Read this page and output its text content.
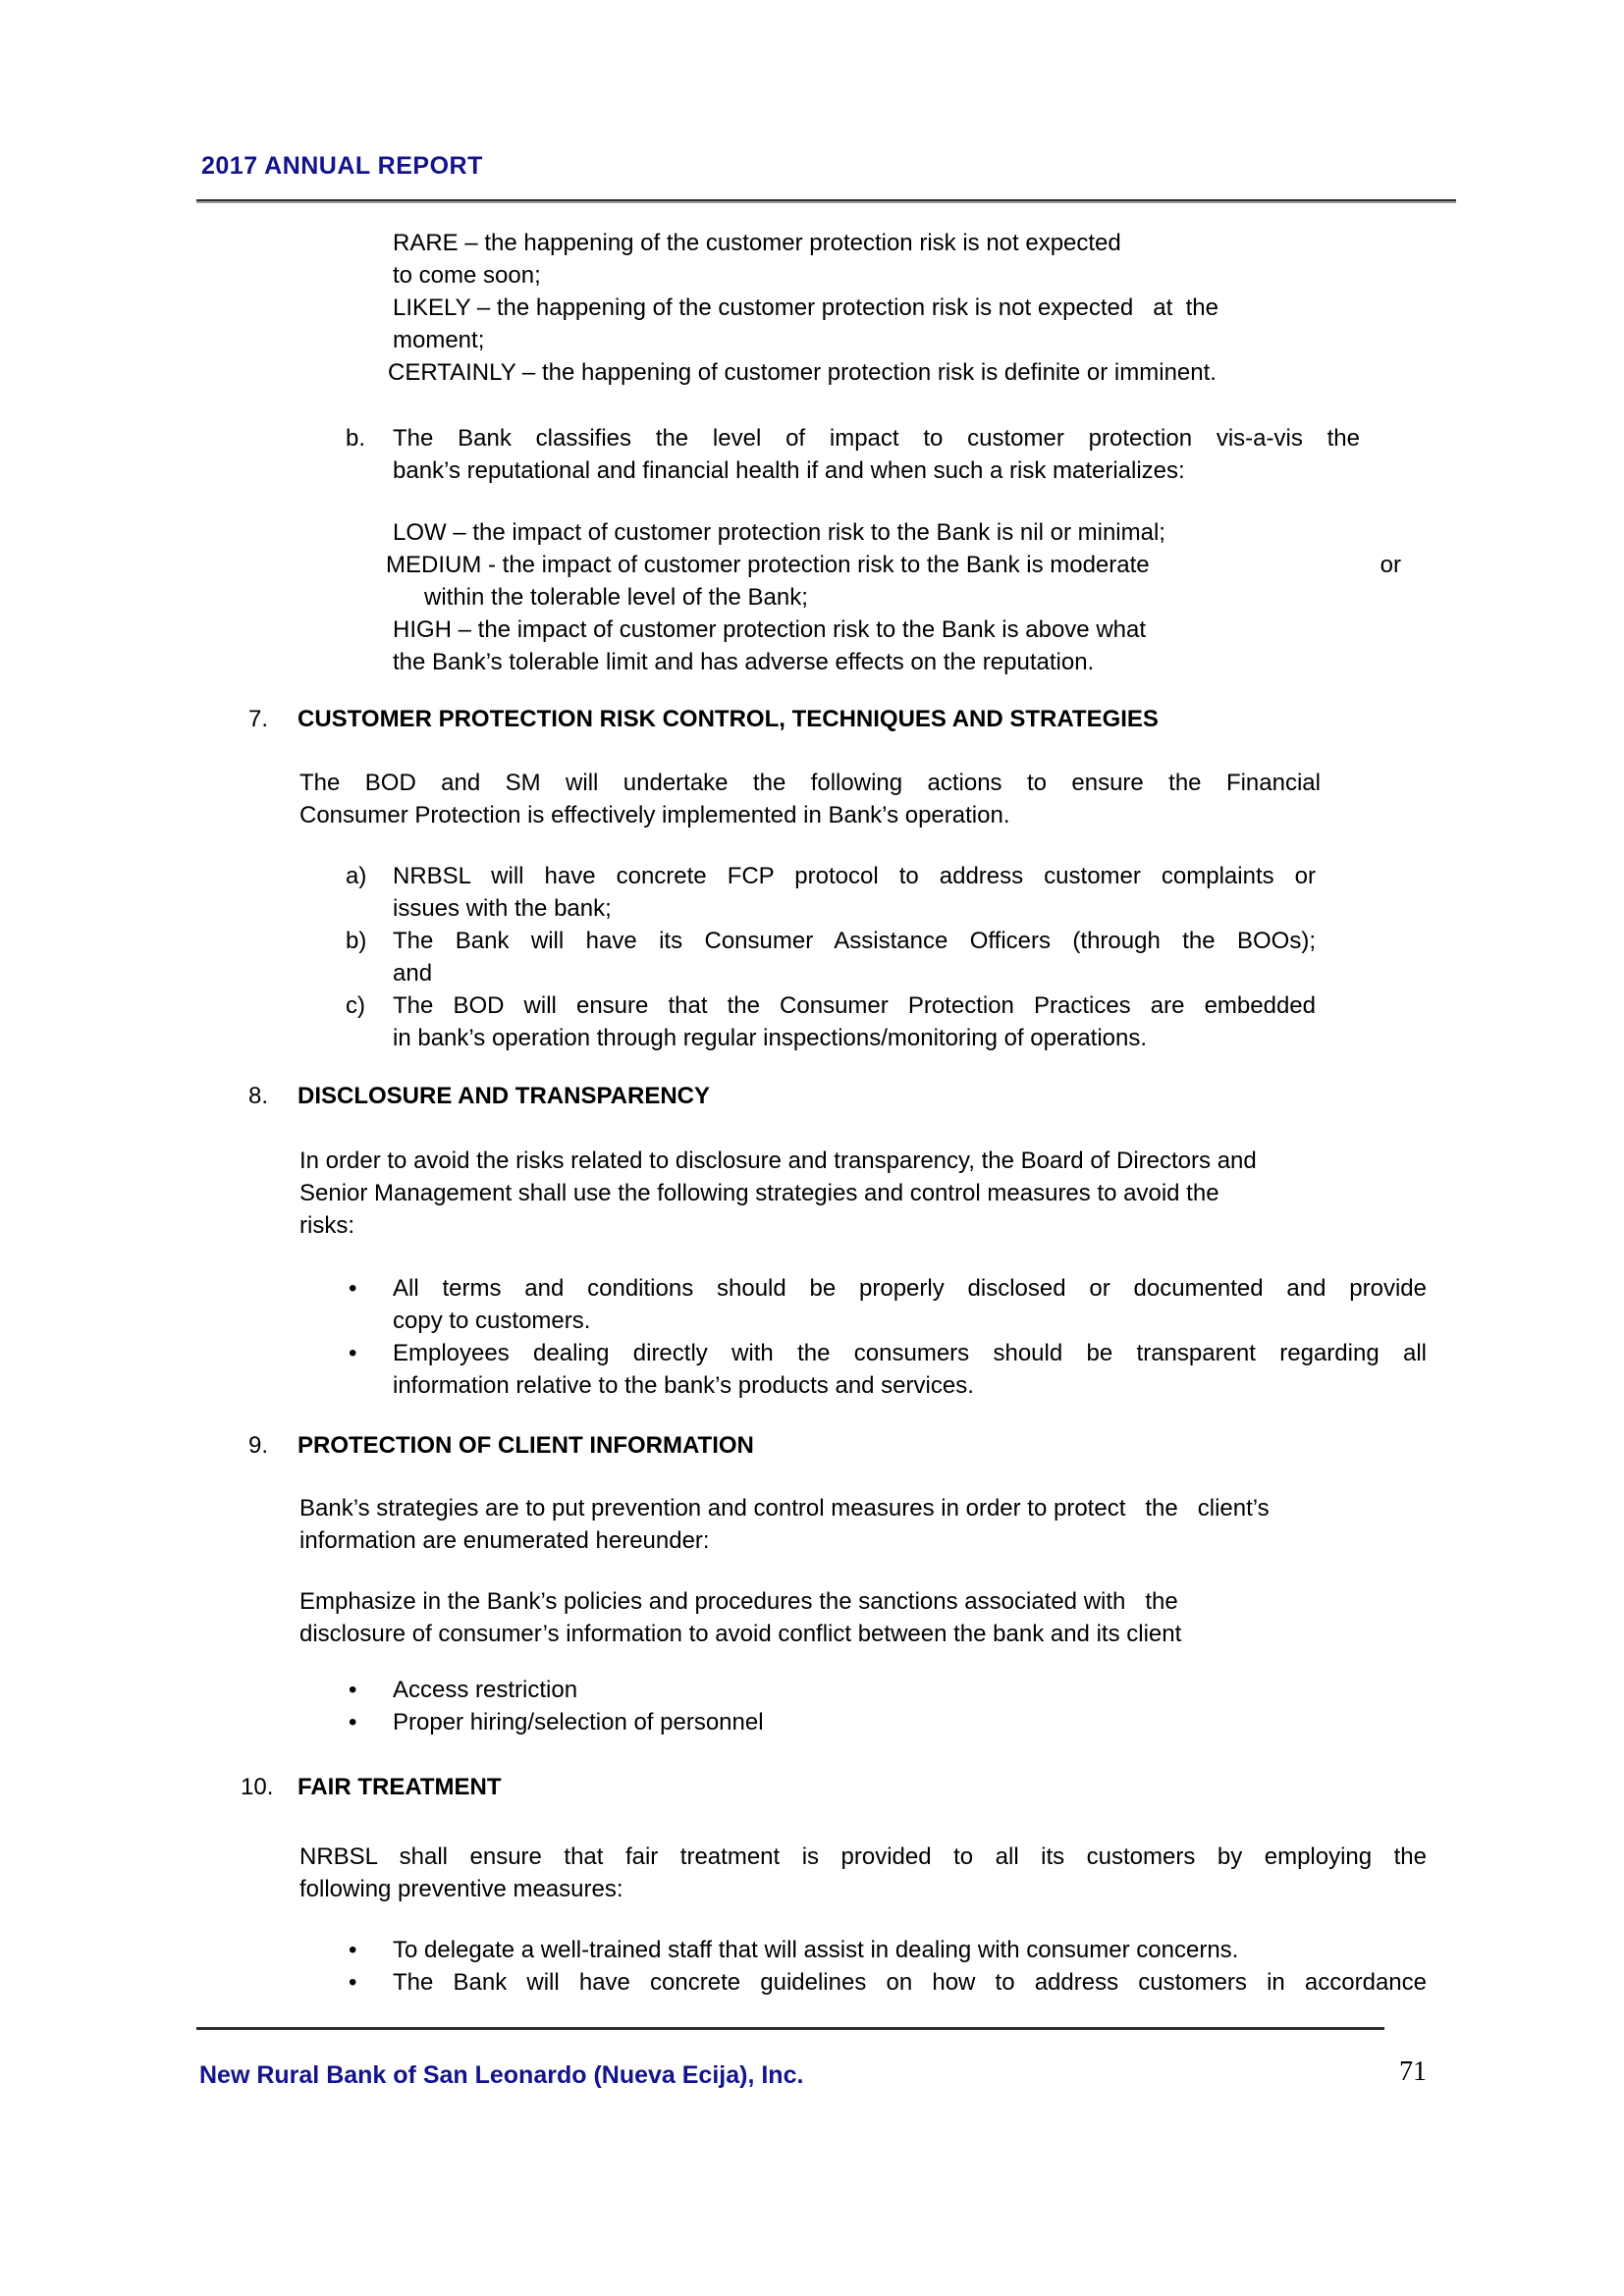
2017 ANNUAL REPORT
RARE – the happening of the customer protection risk is not expected
to come soon;
LIKELY – the happening of the customer protection risk is not expected   at  the
moment;
CERTAINLY – the happening of customer protection risk is definite or imminent.
b. The Bank classifies the level of impact to customer protection vis-a-vis the
bank’s reputational and financial health if and when such a risk materializes:
LOW – the impact of customer protection risk to the Bank is nil or minimal;
MEDIUM - the impact of customer protection risk to the Bank is moderate	or
within the tolerable level of the Bank;
HIGH – the impact of customer protection risk to the Bank is above what
the Bank’s tolerable limit and has adverse effects on the reputation.
7. CUSTOMER PROTECTION RISK CONTROL, TECHNIQUES AND STRATEGIES
The BOD and SM will undertake the following actions to ensure the Financial
Consumer Protection is effectively implemented in Bank’s operation.
a) NRBSL will have concrete FCP protocol to address customer complaints or
issues with the bank;
b) The Bank will have its Consumer Assistance Officers (through the BOOs);
and
c) The BOD will ensure that the Consumer Protection Practices are embedded
in bank’s operation through regular inspections/monitoring of operations.
8. DISCLOSURE AND TRANSPARENCY
In order to avoid the risks related to disclosure and transparency, the Board of Directors and
Senior Management shall use the following strategies and control measures to avoid the
risks:
• All terms and conditions should be properly disclosed or documented and provide
copy to customers.
• Employees dealing directly with the consumers should be transparent regarding all
information relative to the bank’s products and services.
9. PROTECTION OF CLIENT INFORMATION
Bank’s strategies are to put prevention and control measures in order to protect   the   client’s
information are enumerated hereunder:
Emphasize in the Bank’s policies and procedures the sanctions associated with   the
disclosure of consumer’s information to avoid conflict between the bank and its client
• Access restriction
• Proper hiring/selection of personnel
10. FAIR TREATMENT
NRBSL shall ensure that fair treatment is provided to all its customers by employing the
following preventive measures:
• To delegate a well-trained staff that will assist in dealing with consumer concerns.
• The Bank will have concrete guidelines on how to address customers in accordance
New Rural Bank of San Leonardo (Nueva Ecija), Inc.	71
